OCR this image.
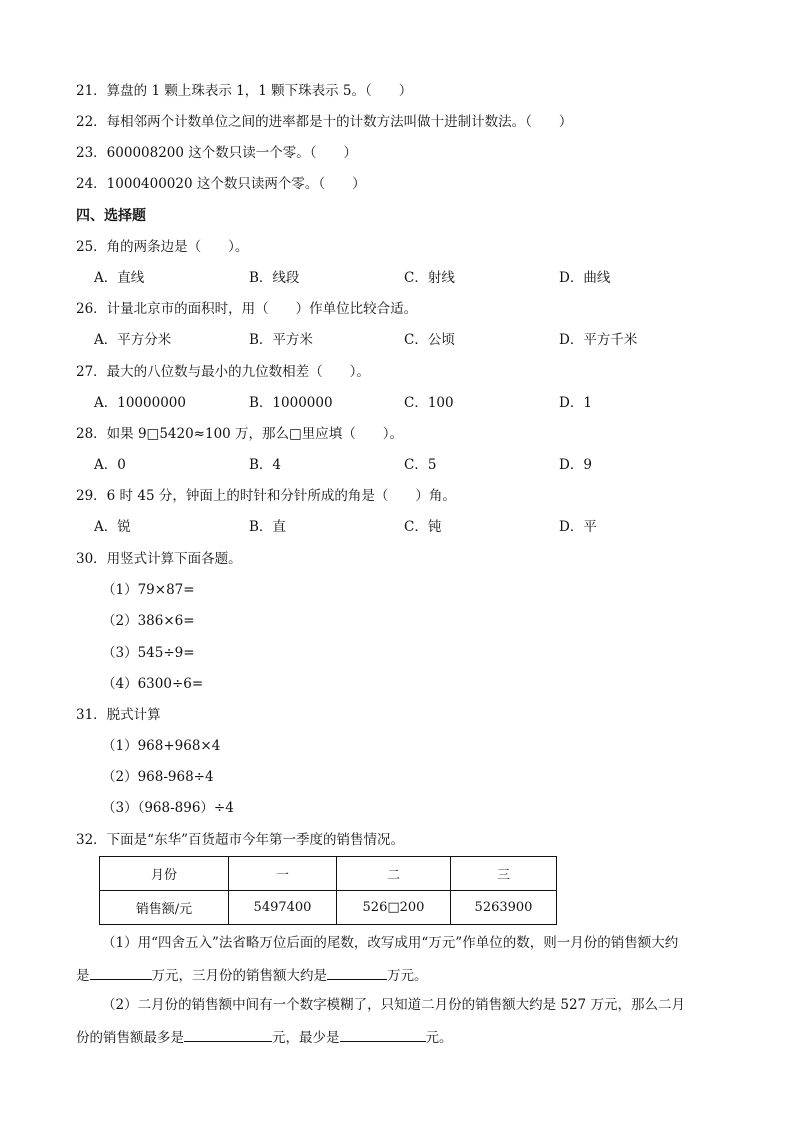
21．算盘的 1 颗上珠表示 1，1 颗下珠表示 5。（　　）
22．每相邻两个计数单位之间的进率都是十的计数方法叫做十进制计数法。（　　）
23．600008200 这个数只读一个零。（　　）
24．1000400020 这个数只读两个零。（　　）
四、选择题
25．角的两条边是（　　）。
A．直线	B．线段	C．射线	D．曲线
26．计量北京市的面积时，用（　　）作单位比较合适。
A．平方分米	B．平方米	C．公顷	D．平方千米
27．最大的八位数与最小的九位数相差（　　）。
A．10000000	B．1000000	C．100	D．1
28．如果 9□5420≈100 万，那么□里应填（　　）。
A．0	B．4	C．5	D．9
29．6 时 45 分，钟面上的时针和分针所成的角是（　　）角。
A．锐	B．直	C．钝	D．平
30．用竖式计算下面各题。
（1）79×87=
（2）386×6=
（3）545÷9=
（4）6300÷6=
31．脱式计算
（1）968+968×4
（2）968-968÷4
（3）（968-896）÷4
32．下面是“东华”百货超市今年第一季度的销售情况。
月份	一	二	三
销售额/元	5497400	526□200	5263900
（1）用“四舍五入”法省略万位后面的尾数，改写成用“万元”作单位的数，则一月份的销售额大约
是	万元，三月份的销售额大约是	万元。
（2）二月份的销售额中间有一个数字模糊了，只知道二月份的销售额大约是 527 万元，那么二月
份的销售额最多是	元，最少是	元。
